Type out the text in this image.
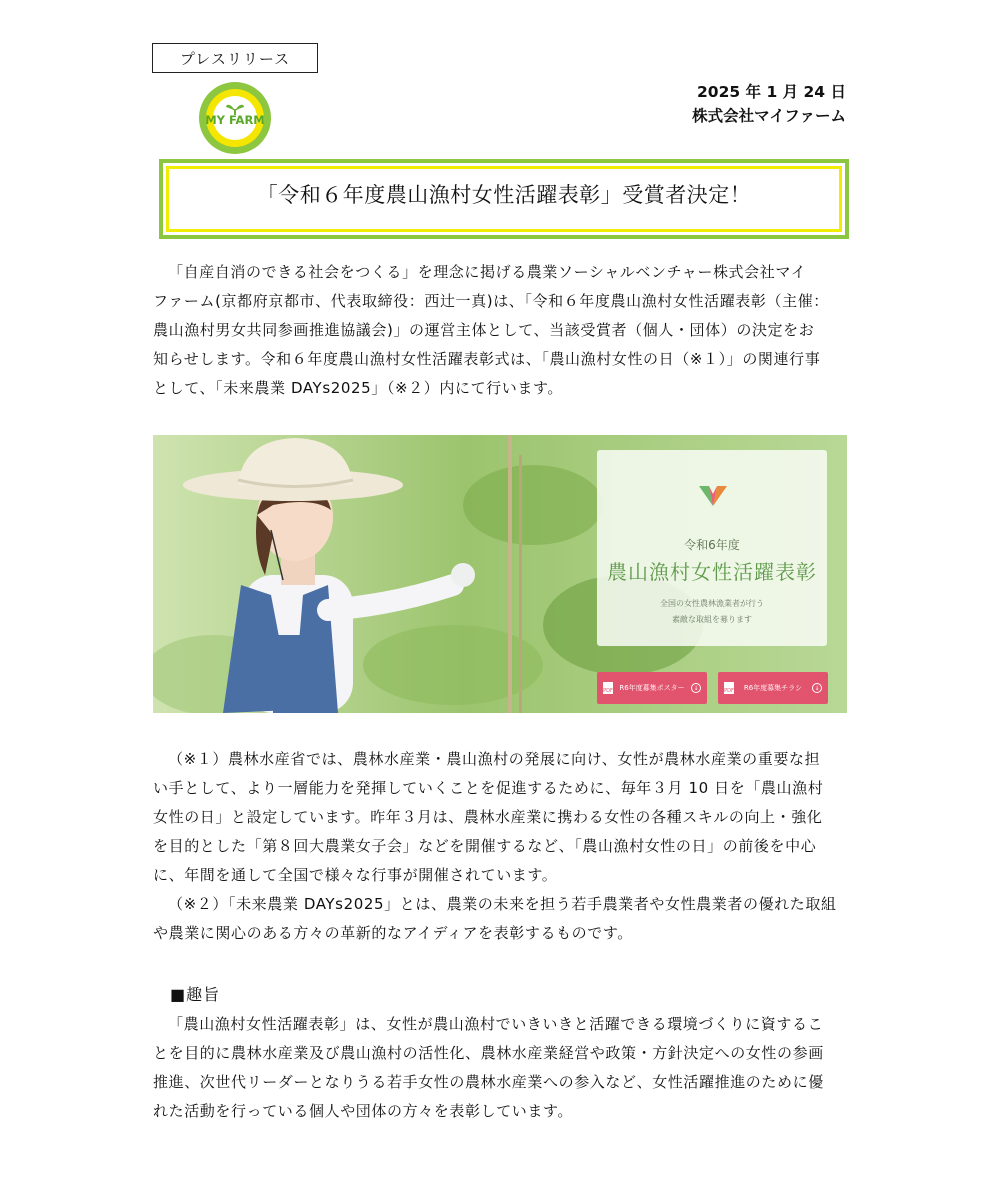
プレスリリース
MY FARM
2025 年 1 月 24 日
株式会社マイファーム
「令和６年度農山漁村女性活躍表彰」受賞者決定！
「自産自消のできる社会をつくる」を理念に掲げる農業ソーシャルベンチャー株式会社マイ
ファーム(京都府京都市、代表取締役：西辻一真)は、「令和６年度農山漁村女性活躍表彰（主催：
農山漁村男女共同参画推進協議会)」の運営主体として、当該受賞者（個人・団体）の決定をお
知らせします。令和６年度農山漁村女性活躍表彰式は、「農山漁村女性の日（※１）」の関連行事
として、「未来農業 DAYs2025」（※２）内にて行います。
令和6年度
農山漁村女性活躍表彰
全国の女性農林漁業者が行う
素敵な取組を募ります
PDF R6年度募集ポスター	↓	PDF R6年度募集チラシ	↓
（※１）農林水産省では、農林水産業・農山漁村の発展に向け、女性が農林水産業の重要な担
い手として、より一層能力を発揮していくことを促進するために、毎年３月 10 日を「農山漁村
女性の日」と設定しています。昨年３月は、農林水産業に携わる女性の各種スキルの向上・強化
を目的とした「第８回大農業女子会」などを開催するなど、「農山漁村女性の日」の前後を中心
に、年間を通して全国で様々な行事が開催されています。
（※２）「未来農業 DAYs2025」とは、農業の未来を担う若手農業者や女性農業者の優れた取組
や農業に関心のある方々の革新的なアイディアを表彰するものです。
■趣旨
「農山漁村女性活躍表彰」は、女性が農山漁村でいきいきと活躍できる環境づくりに資するこ
とを目的に農林水産業及び農山漁村の活性化、農林水産業経営や政策・方針決定への女性の参画
推進、次世代リーダーとなりうる若手女性の農林水産業への参入など、女性活躍推進のために優
れた活動を行っている個人や団体の方々を表彰しています。
